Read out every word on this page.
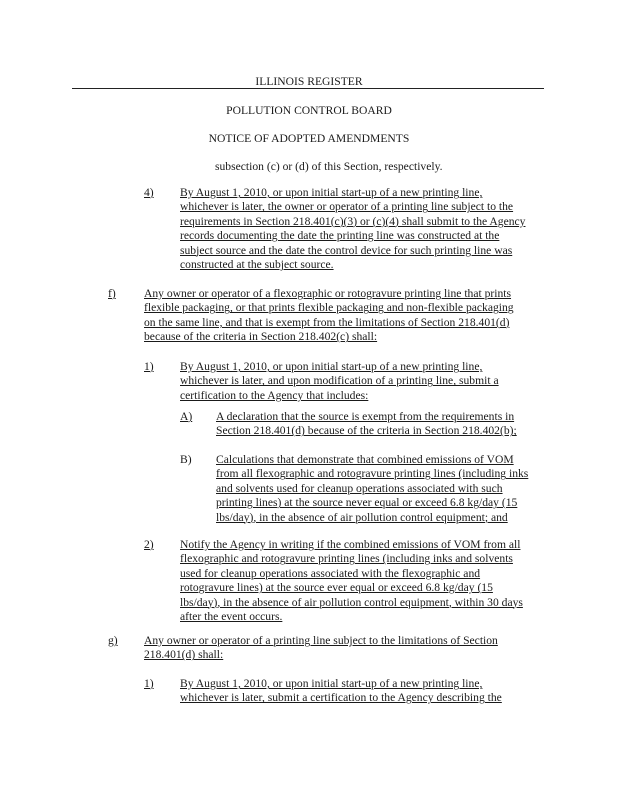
ILLINOIS REGISTER
POLLUTION CONTROL BOARD
NOTICE OF ADOPTED AMENDMENTS
subsection (c) or (d) of this Section, respectively.
4) By August 1, 2010, or upon initial start-up of a new printing line,
whichever is later, the owner or operator of a printing line subject to the
requirements in Section 218.401(c)(3) or (c)(4) shall submit to the Agency
records documenting the date the printing line was constructed at the
subject source and the date the control device for such printing line was
constructed at the subject source.
f) Any owner or operator of a flexographic or rotogravure printing line that prints
flexible packaging, or that prints flexible packaging and non-flexible packaging
on the same line, and that is exempt from the limitations of Section 218.401(d)
because of the criteria in Section 218.402(c) shall:
1) By August 1, 2010, or upon initial start-up of a new printing line,
whichever is later, and upon modification of a printing line, submit a
certification to the Agency that includes:
A) A declaration that the source is exempt from the requirements in
Section 218.401(d) because of the criteria in Section 218.402(b);
B) Calculations that demonstrate that combined emissions of VOM
from all flexographic and rotogravure printing lines (including inks
and solvents used for cleanup operations associated with such
printing lines) at the source never equal or exceed 6.8 kg/day (15
lbs/day), in the absence of air pollution control equipment; and
2) Notify the Agency in writing if the combined emissions of VOM from all
flexographic and rotogravure printing lines (including inks and solvents
used for cleanup operations associated with the flexographic and
rotogravure lines) at the source ever equal or exceed 6.8 kg/day (15
lbs/day), in the absence of air pollution control equipment, within 30 days
after the event occurs.
g) Any owner or operator of a printing line subject to the limitations of Section
218.401(d) shall:
1) By August 1, 2010, or upon initial start-up of a new printing line,
whichever is later, submit a certification to the Agency describing the
